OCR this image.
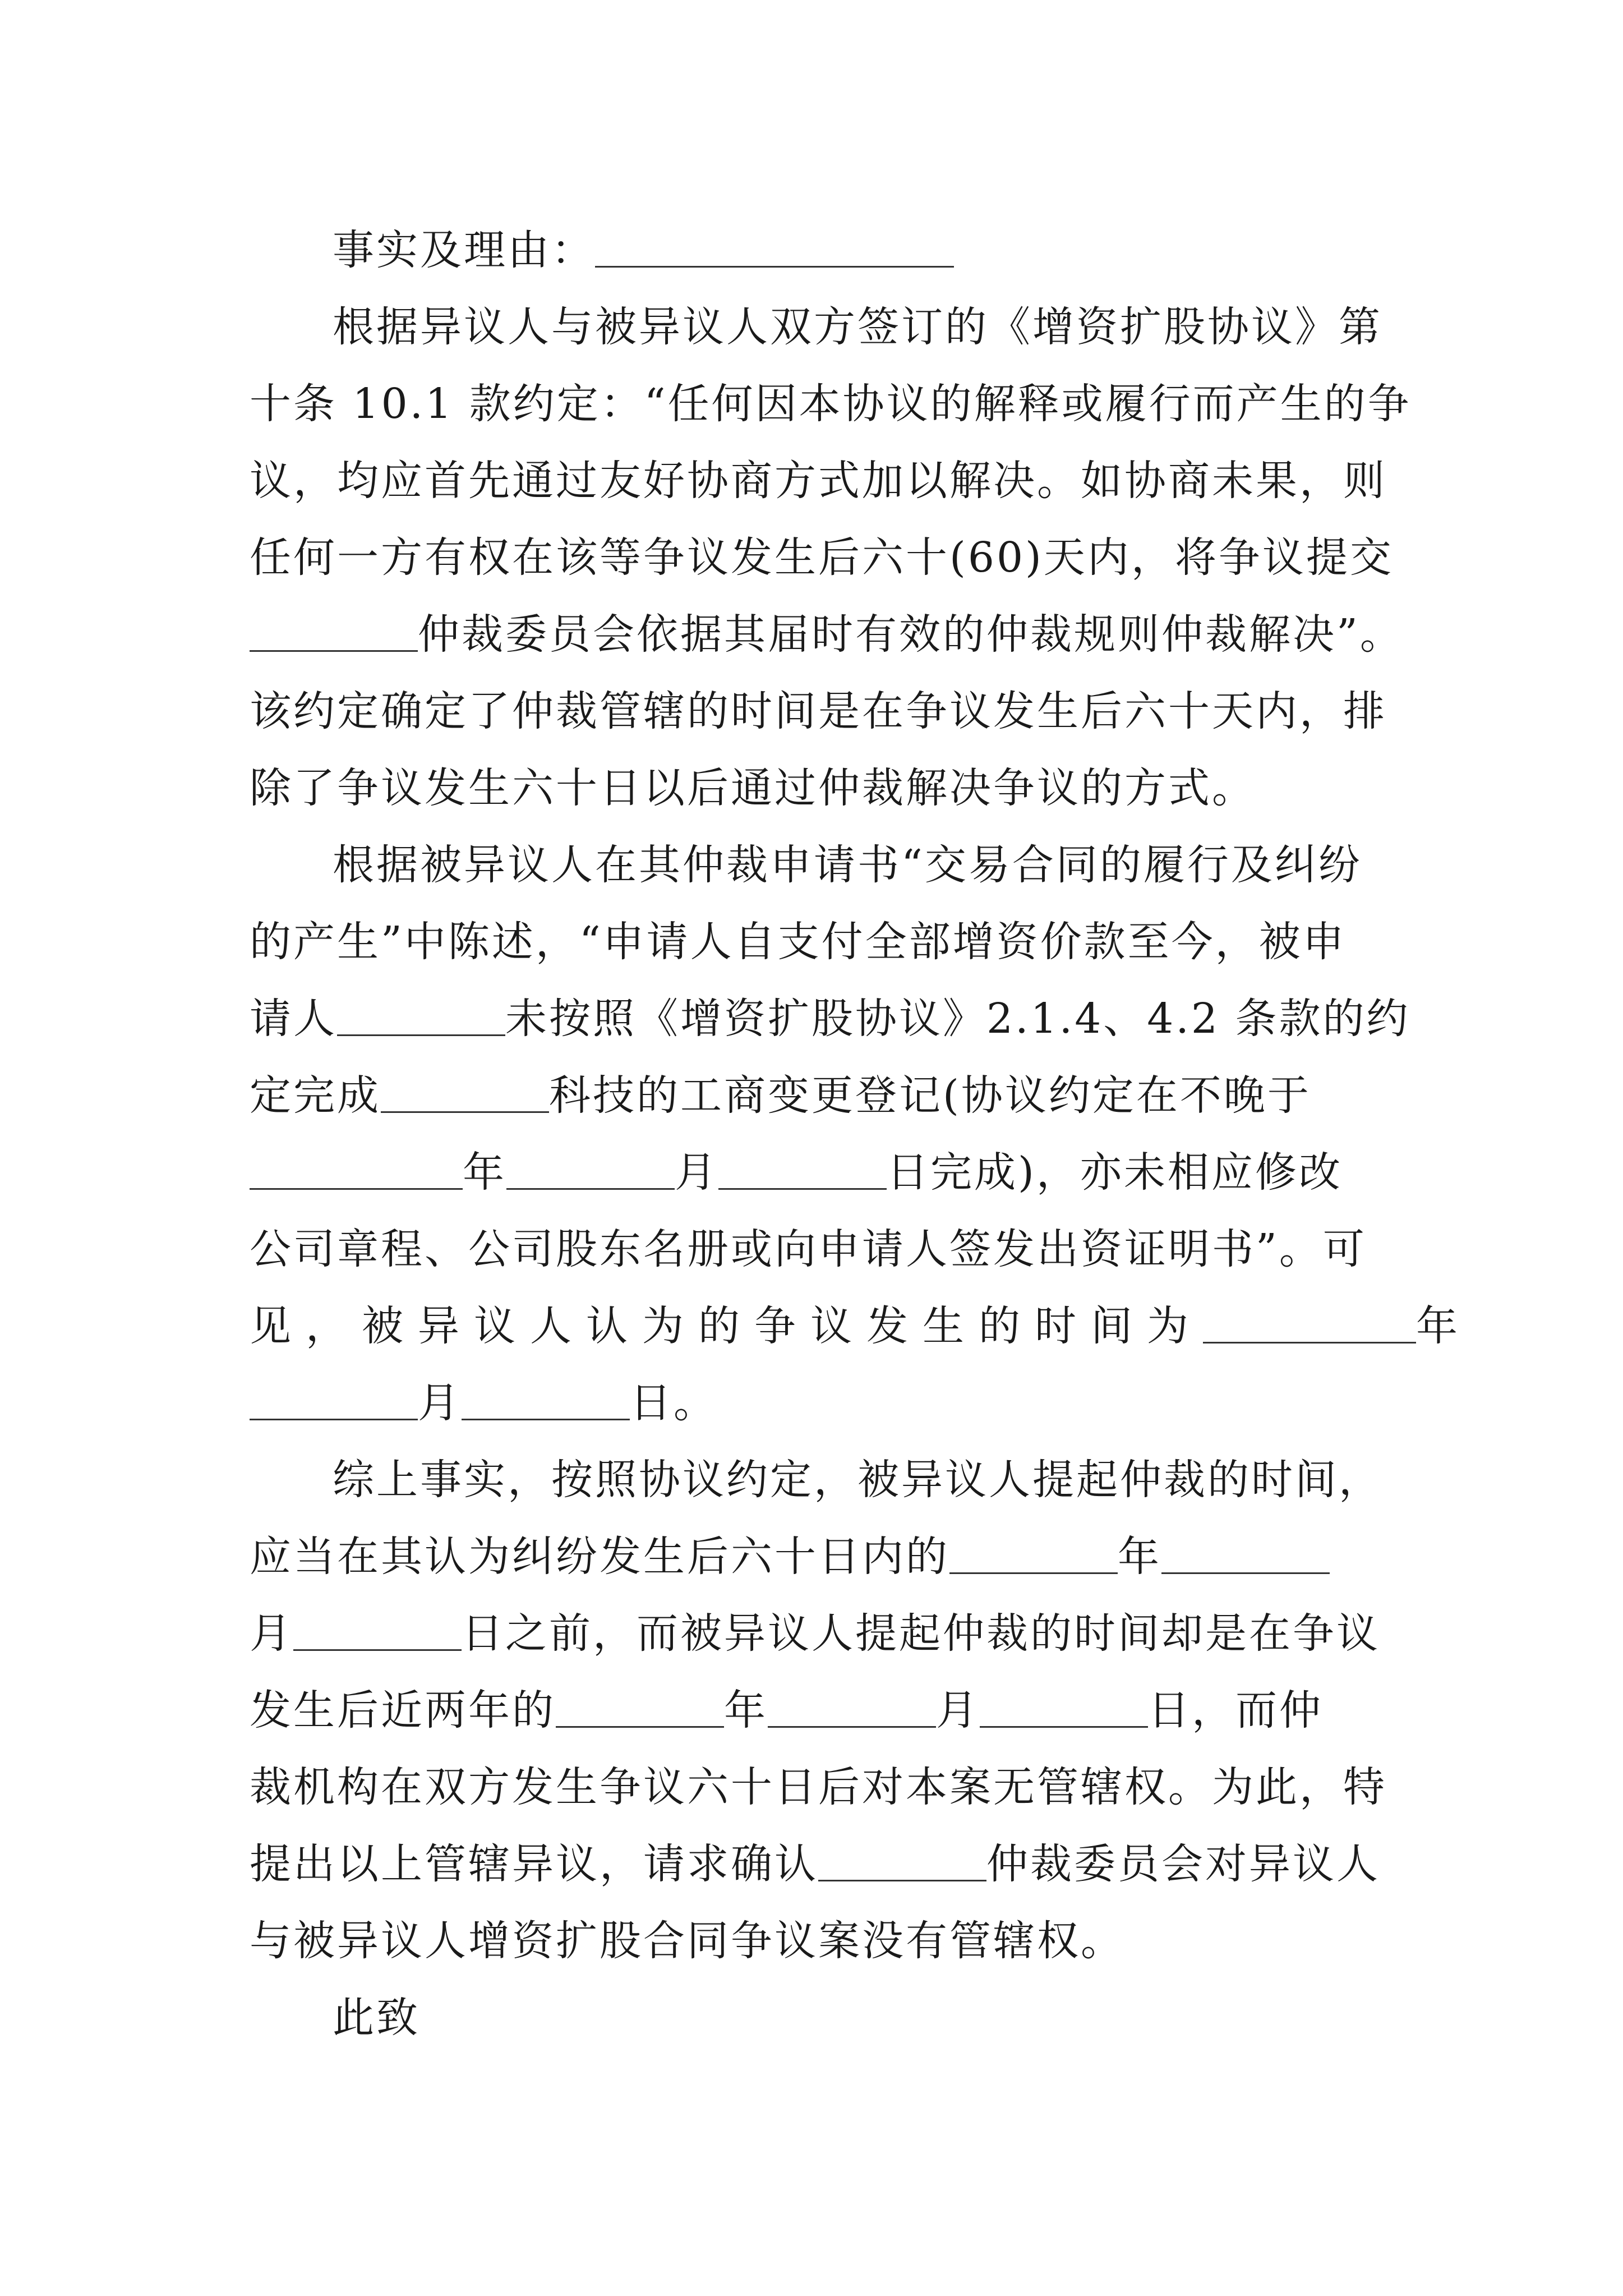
事实及理由：
根据异议人与被异议人双方签订的《增资扩股协议》第
十条 10.1 款约定：“任何因本协议的解释或履行而产生的争
议，均应首先通过友好协商方式加以解决。如协商未果，则
任何一方有权在该等争议发生后六十(60)天内，将争议提交
仲裁委员会依据其届时有效的仲裁规则仲裁解决”。
该约定确定了仲裁管辖的时间是在争议发生后六十天内，排
除了争议发生六十日以后通过仲裁解决争议的方式。
根据被异议人在其仲裁申请书“交易合同的履行及纠纷
的产生”中陈述，“申请人自支付全部增资价款至今，被申
请人	未按照《增资扩股协议》2.1.4、4.2 条款的约
定完成	科技的工商变更登记(协议约定在不晚于
年	月	日完成)，亦未相应修改
公司章程、公司股东名册或向申请人签发出资证明书”。可
见，被异议人认为的争议发生的时间为	年
月	日。
综上事实，按照协议约定，被异议人提起仲裁的时间，
应当在其认为纠纷发生后六十日内的	年
月	日之前，而被异议人提起仲裁的时间却是在争议
发生后近两年的	年	月	日，而仲
裁机构在双方发生争议六十日后对本案无管辖权。为此，特
提出以上管辖异议，请求确认	仲裁委员会对异议人
与被异议人增资扩股合同争议案没有管辖权。
此致
